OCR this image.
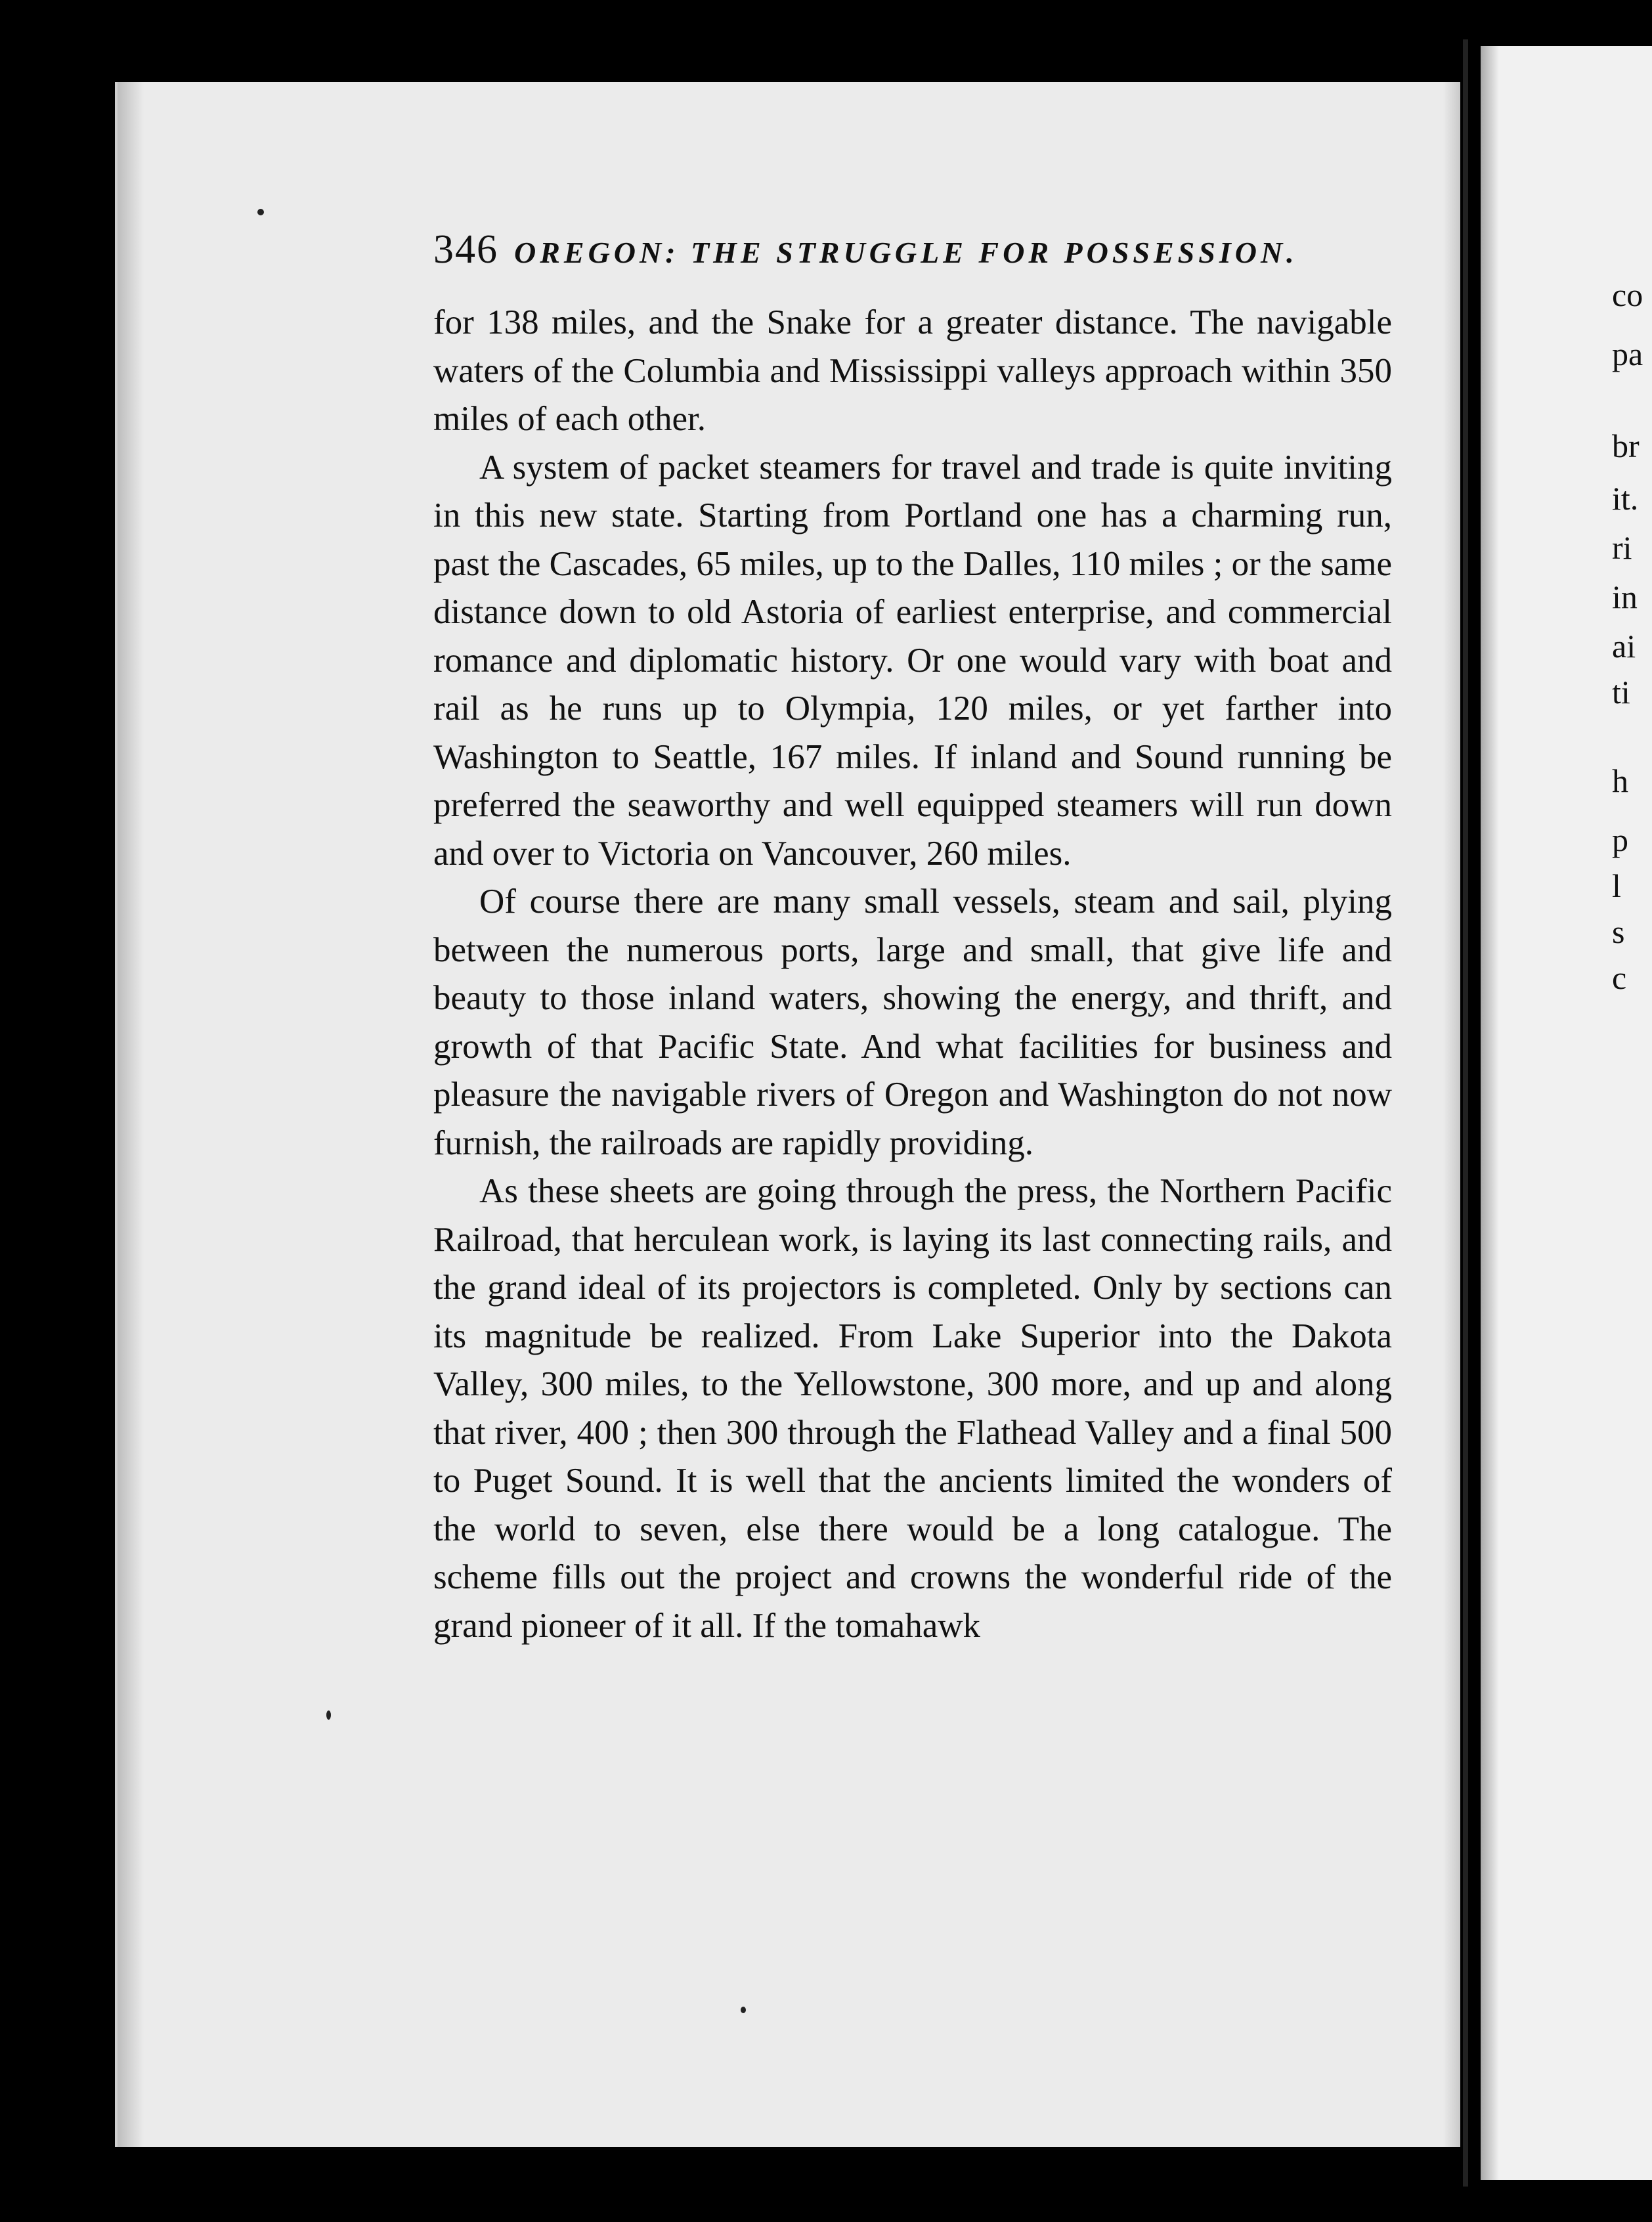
346 OREGON: THE STRUGGLE FOR POSSESSION.

for 138 miles, and the Snake for a greater distance. The navigable waters of the Columbia and Mississippi valleys approach within 350 miles of each other.

A system of packet steamers for travel and trade is quite inviting in this new state. Starting from Portland one has a charming run, past the Cascades, 65 miles, up to the Dalles, 110 miles ; or the same distance down to old Astoria of earliest enterprise, and commercial romance and diplomatic history. Or one would vary with boat and rail as he runs up to Olympia, 120 miles, or yet farther into Washington to Seattle, 167 miles. If inland and Sound running be preferred the seaworthy and well equipped steamers will run down and over to Victoria on Vancouver, 260 miles.

Of course there are many small vessels, steam and sail, plying between the numerous ports, large and small, that give life and beauty to those inland waters, showing the energy, and thrift, and growth of that Pacific State. And what facilities for business and pleasure the navigable rivers of Oregon and Washington do not now furnish, the railroads are rapidly providing.

As these sheets are going through the press, the Northern Pacific Railroad, that herculean work, is laying its last connecting rails, and the grand ideal of its projectors is completed. Only by sections can its magnitude be realized. From Lake Superior into the Dakota Valley, 300 miles, to the Yellowstone, 300 more, and up and along that river, 400 ; then 300 through the Flathead Valley and a final 500 to Puget Sound. It is well that the ancients limited the wonders of the world to seven, else there would be a long catalogue. The scheme fills out the project and crowns the wonderful ride of the grand pioneer of it all. If the tomahawk

co
pa
br
it.
ri
in
ai
ti
h
p
l
s
c
